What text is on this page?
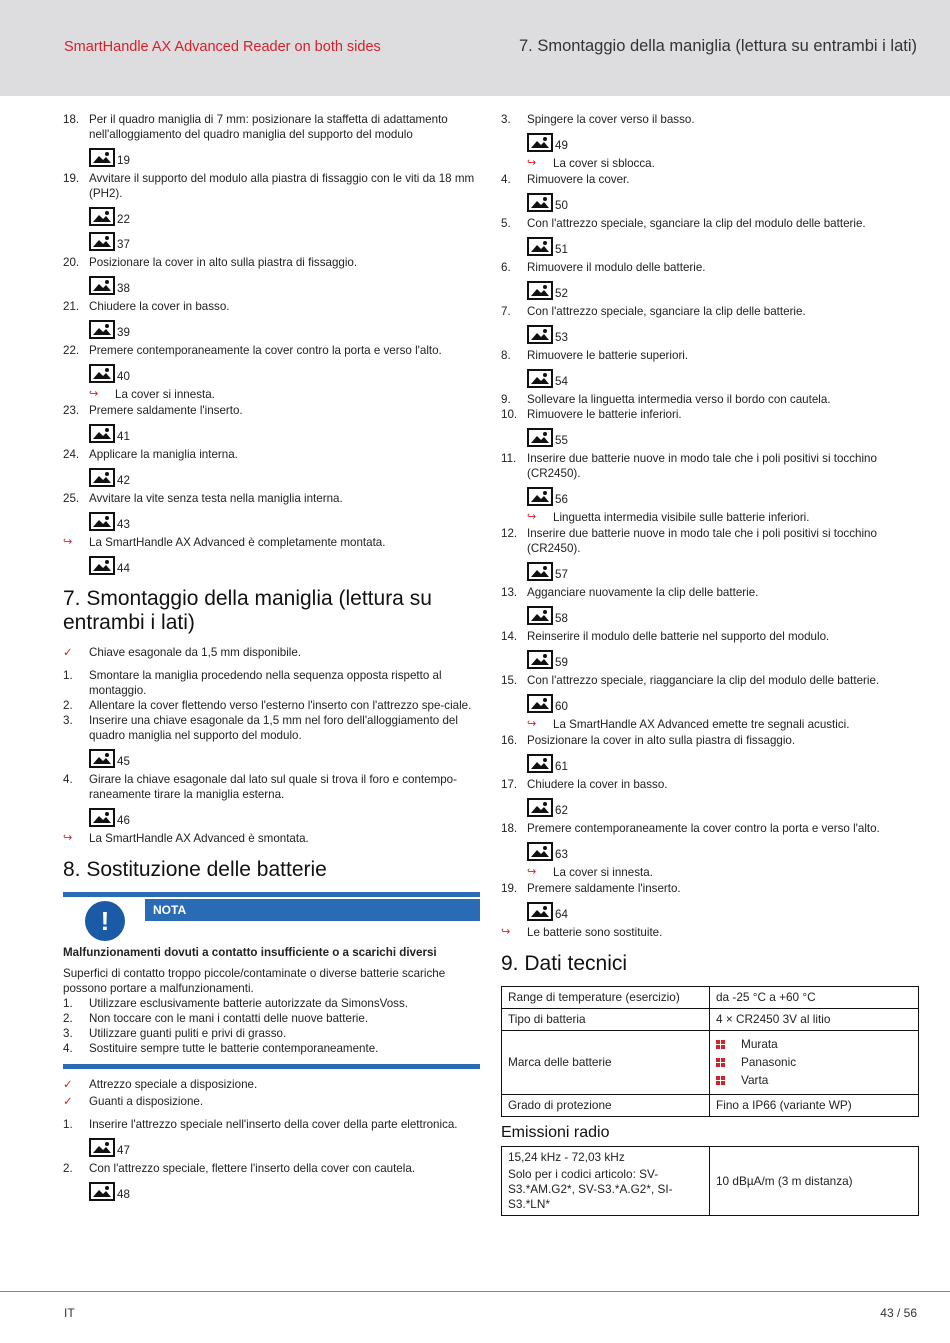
SmartHandle AX Advanced Reader on both sides	7. Smontaggio della maniglia (lettura su entrambi i lati)
18. Per il quadro maniglia di 7 mm: posizionare la staffetta di adattamento nell'alloggiamento del quadro maniglia del supporto del modulo
19
19. Avvitare il supporto del modulo alla piastra di fissaggio con le viti da 18 mm (PH2).
22
37
20. Posizionare la cover in alto sulla piastra di fissaggio.
38
21. Chiudere la cover in basso.
39
22. Premere contemporaneamente la cover contro la porta e verso l'alto.
40
↪	La cover si innesta.
23. Premere saldamente l'inserto.
41
24. Applicare la maniglia interna.
42
25. Avvitare la vite senza testa nella maniglia interna.
43
↪	La SmartHandle AX Advanced è completamente montata.
44
7. Smontaggio della maniglia (lettura su entrambi i lati)
✓	Chiave esagonale da 1,5 mm disponibile.
1.	Smontare la maniglia procedendo nella sequenza opposta rispetto al montaggio.
2.	Allentare la cover flettendo verso l'esterno l'inserto con l'attrezzo spe-ciale.
3.	Inserire una chiave esagonale da 1,5 mm nel foro dell'alloggiamento del quadro maniglia nel supporto del modulo.
45
4.	Girare la chiave esagonale dal lato sul quale si trova il foro e contempo-raneamente tirare la maniglia esterna.
46
↪	La SmartHandle AX Advanced è smontata.
8. Sostituzione delle batterie
!	NOTA
Malfunzionamenti dovuti a contatto insufficiente o a scarichi diversi
Superfici di contatto troppo piccole/contaminate o diverse batterie scariche possono portare a malfunzionamenti.
1.	Utilizzare esclusivamente batterie autorizzate da SimonsVoss.
2.	Non toccare con le mani i contatti delle nuove batterie.
3.	Utilizzare guanti puliti e privi di grasso.
4.	Sostituire sempre tutte le batterie contemporaneamente.
✓	Attrezzo speciale a disposizione.
✓	Guanti a disposizione.
1.	Inserire l'attrezzo speciale nell'inserto della cover della parte elettronica.
47
2.	Con l'attrezzo speciale, flettere l'inserto della cover con cautela.
48
3.	Spingere la cover verso il basso.
49
↪	La cover si sblocca.
4.	Rimuovere la cover.
50
5.	Con l'attrezzo speciale, sganciare la clip del modulo delle batterie.
51
6.	Rimuovere il modulo delle batterie.
52
7.	Con l'attrezzo speciale, sganciare la clip delle batterie.
53
8.	Rimuovere le batterie superiori.
54
9.	Sollevare la linguetta intermedia verso il bordo con cautela.
10. Rimuovere le batterie inferiori.
55
11. Inserire due batterie nuove in modo tale che i poli positivi si tocchino (CR2450).
56
↪	Linguetta intermedia visibile sulle batterie inferiori.
12. Inserire due batterie nuove in modo tale che i poli positivi si tocchino (CR2450).
57
13. Agganciare nuovamente la clip delle batterie.
58
14. Reinserire il modulo delle batterie nel supporto del modulo.
59
15. Con l'attrezzo speciale, riagganciare la clip del modulo delle batterie.
60
↪	La SmartHandle AX Advanced emette tre segnali acustici.
16. Posizionare la cover in alto sulla piastra di fissaggio.
61
17. Chiudere la cover in basso.
62
18. Premere contemporaneamente la cover contro la porta e verso l'alto.
63
↪	La cover si innesta.
19. Premere saldamente l'inserto.
64
↪	Le batterie sono sostituite.
9. Dati tecnici
Range di temperature (esercizio)	da -25 °C a +60 °C
Tipo di batteria	4 × CR2450 3V al litio
Marca delle batterie	Murata
Panasonic
Varta

Grado di protezione	Fino a IP66 (variante WP)
Emissioni radio
15,24 kHz - 72,03 kHz
Solo per i codici articolo: SV-S3.*AM.G2*, SV-S3.*A.G2*, SI-S3.*LN*
	10 dBµA/m (3 m distanza)
IT	43 / 56
